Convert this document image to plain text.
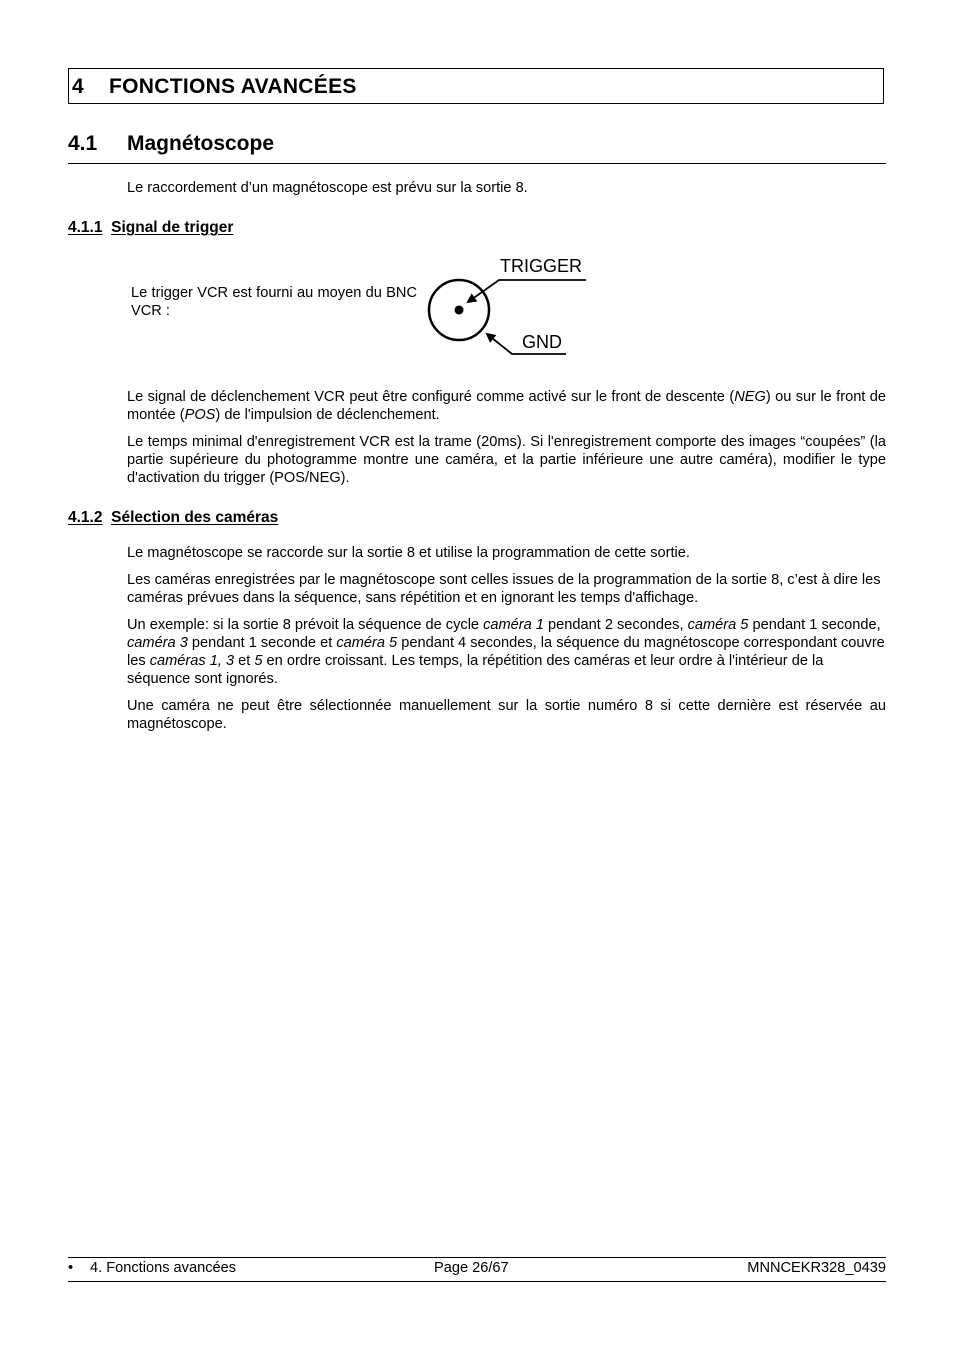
4 FONCTIONS AVANCÉES
4.1 Magnétoscope

Le raccordement d’un magnétoscope est prévu sur la sortie 8.

4.1.1 Signal de trigger

Le trigger VCR est fourni au moyen du BNC VCR :

TRIGGER
GND

Le signal de déclenchement VCR peut être configuré comme activé sur le front de descente (NEG) ou sur le front de montée (POS) de l'impulsion de déclenchement.

Le temps minimal d'enregistrement VCR est la trame (20ms). Si l'enregistrement comporte des images “coupées” (la partie supérieure du photogramme montre une caméra, et la partie inférieure une autre caméra), modifier le type d'activation du trigger (POS/NEG).

4.1.2 Sélection des caméras

Le magnétoscope se raccorde sur la sortie 8 et utilise la programmation de cette sortie.

Les caméras enregistrées par le magnétoscope sont celles issues de la programmation de la sortie 8, c’est à dire les caméras prévues dans la séquence, sans répétition et en ignorant les temps d'affichage.

Un exemple: si la sortie 8 prévoit la séquence de cycle caméra 1 pendant 2 secondes, caméra 5 pendant 1 seconde, caméra 3 pendant 1 seconde et caméra 5 pendant 4 secondes, la séquence du magnétoscope correspondant couvre les caméras 1, 3 et 5 en ordre croissant. Les temps, la répétition des caméras et leur ordre à l'intérieur de la séquence sont ignorés.

Une caméra ne peut être sélectionnée manuellement sur la sortie numéro 8 si cette dernière est réservée au magnétoscope.

• 4. Fonctions avancées	Page 26/67	MNNCEKR328_0439
